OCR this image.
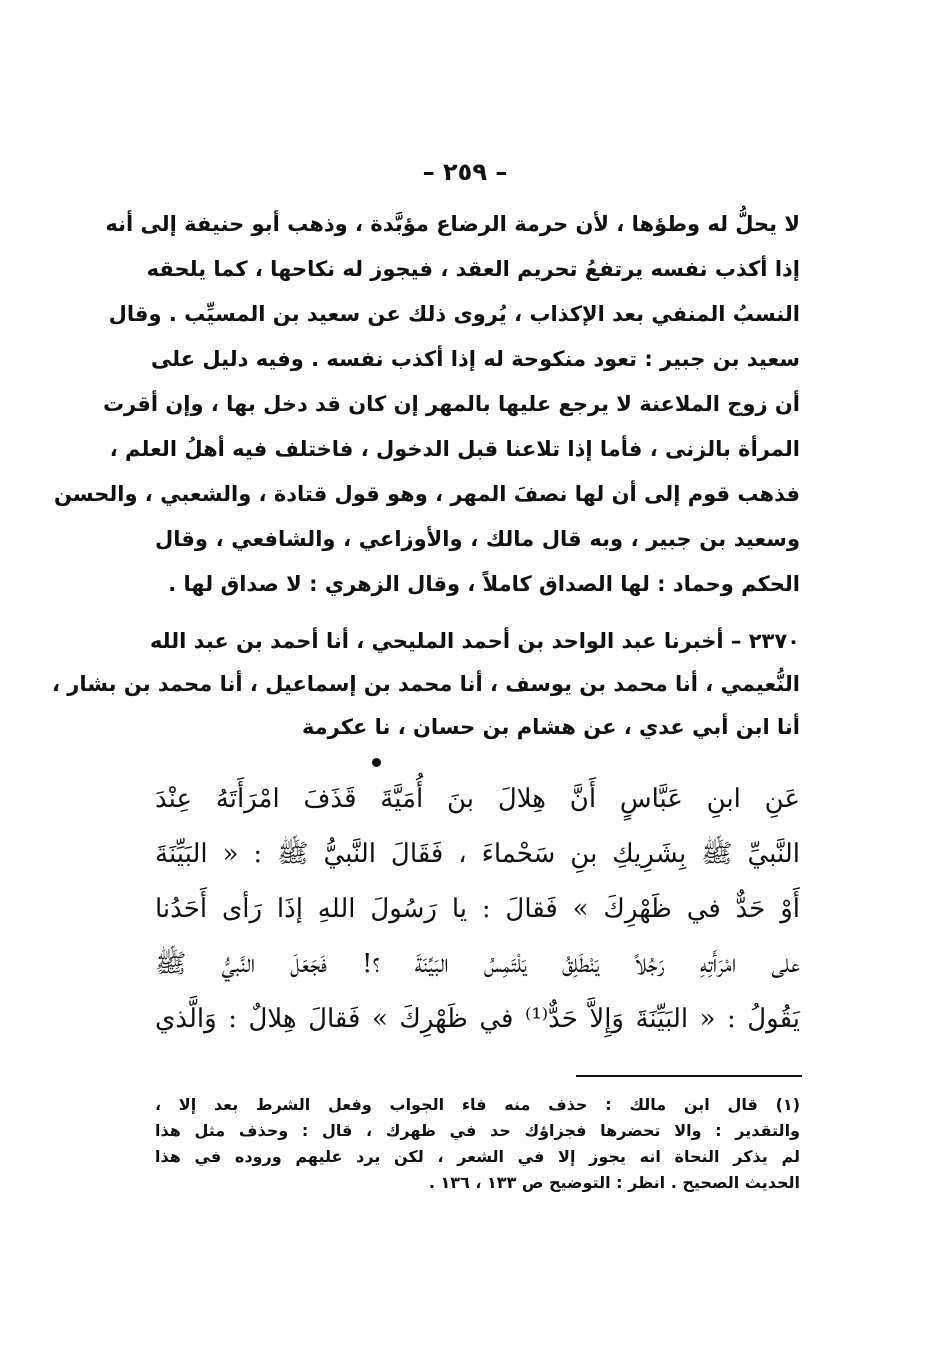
– ٢٥٩ –
لا يحلُّ له وطؤها ، لأن حرمة الرضاع مؤبَّدة ، وذهب أبو حنيفة إلى أنه
إذا أكذب نفسه يرتفعُ تحريم العقد ، فيجوز له نكاحها ، كما يلحقه
النسبُ المنفي بعد الإكذاب ، يُروى ذلك عن سعيد بن المسيِّب . وقال
سعيد بن جبير : تعود منكوحة له إذا أكذب نفسه . وفيه دليل على
أن زوج الملاعنة لا يرجع عليها بالمهر إن كان قد دخل بها ، وإن أقرت
المرأة بالزنى ، فأما إذا تلاعنا قبل الدخول ، فاختلف فيه أهلُ العلم ،
فذهب قوم إلى أن لها نصفَ المهر ، وهو قول قتادة ، والشعبي ، والحسن
وسعيد بن جبير ، وبه قال مالك ، والأوزاعي ، والشافعي ، وقال
الحكم وحماد : لها الصداق كاملاً ، وقال الزهري : لا صداق لها .
٢٣٧٠ – أخبرنا عبد الواحد بن أحمد المليحي ، أنا أحمد بن عبد الله
النُّعيمي ، أنا محمد بن يوسف ، أنا محمد بن إسماعيل ، أنا محمد بن بشار ،
أنا ابن أبي عدي ، عن هشام بن حسان ، نا عكرمة
عَنِ ابنِ عَبَّاسٍ أَنَّ هِلالَ بنَ أُمَيَّةَ قَذَفَ امْرَأَتَهُ عِنْدَ
النَّبيِّ ﷺ بِشَرِيكِ بنِ سَحْماءَ ، فَقَالَ النَّبيُّ ﷺ : « البَيِّنَةَ
أَوْ حَدٌّ في ظَهْرِكَ » فَقالَ : يا رَسُولَ اللهِ إذَا رَأى أَحَدُنا
على امْرَأَتِهِ رَجُلاً يَنْطَلِقُ يَلْتَمِسُ البَيِّنَةَ ؟! فَجَعَلَ النَّبيُّ ﷺ
يَقُولُ : « البَيِّنَةَ وَإِلاَّ حَدٌّ⁽¹⁾ في ظَهْرِكَ » فَقالَ هِلالٌ : وَالَّذي
(١) قال ابن مالك : حذف منه فاء الجواب وفعل الشرط بعد إلا ،
والتقدير : والا تحضرها فجزاؤك حد في ظهرك ، قال : وحذف مثل هذا
لم يذكر النحاة انه يجوز إلا في الشعر ، لكن يرد عليهم وروده في هذا
الحديث الصحيح . انظر : التوضيح ص ١٣٣ ، ١٣٦ .
